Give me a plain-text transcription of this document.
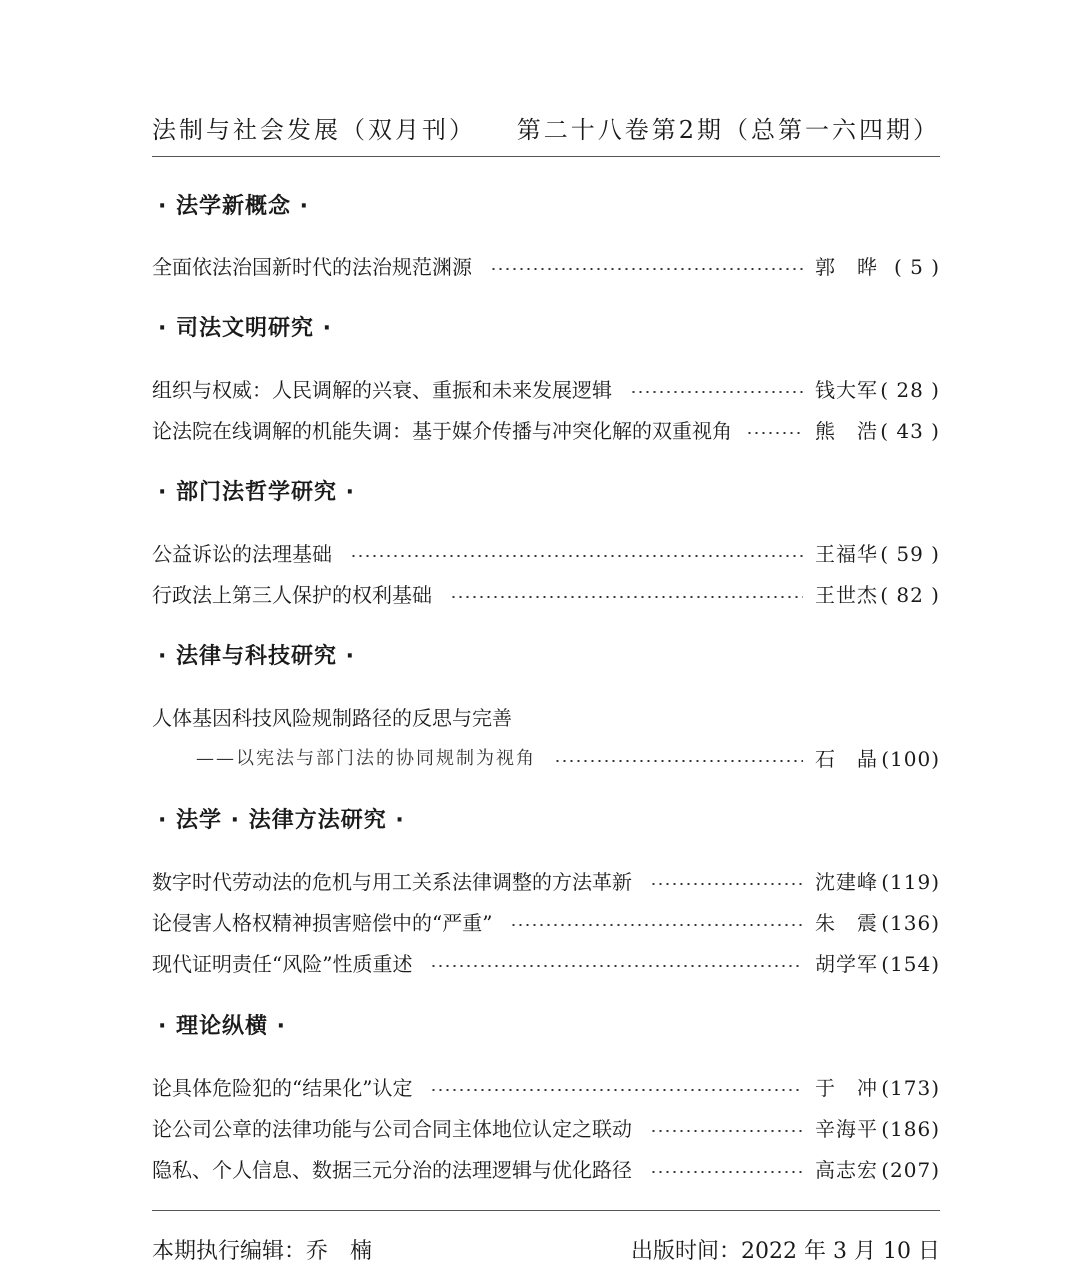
法制与社会发展（双月刊） 第二十八卷第2期（总第一六四期）
· 法学新概念 ·
全面依法治国新时代的法治规范渊源	郭　晔 ( 5 )
· 司法文明研究 ·
组织与权威：人民调解的兴衰、重振和未来发展逻辑	钱大军 ( 28 )
论法院在线调解的机能失调：基于媒介传播与冲突化解的双重视角	熊　浩 ( 43 )
· 部门法哲学研究 ·
公益诉讼的法理基础	王福华 ( 59 )
行政法上第三人保护的权利基础	王世杰 ( 82 )
· 法律与科技研究 ·
人体基因科技风险规制路径的反思与完善
——以宪法与部门法的协同规制为视角	石　晶 (100)
· 法学 · 法律方法研究 ·
数字时代劳动法的危机与用工关系法律调整的方法革新	沈建峰 (119)
论侵害人格权精神损害赔偿中的“严重”	朱　震 (136)
现代证明责任“风险”性质重述	胡学军 (154)
· 理论纵横 ·
论具体危险犯的“结果化”认定	于　冲 (173)
论公司公章的法律功能与公司合同主体地位认定之联动	辛海平 (186)
隐私、个人信息、数据三元分治的法理逻辑与优化路径	高志宏 (207)
本期执行编辑：乔　楠	出版时间：2022 年 3 月 10 日
